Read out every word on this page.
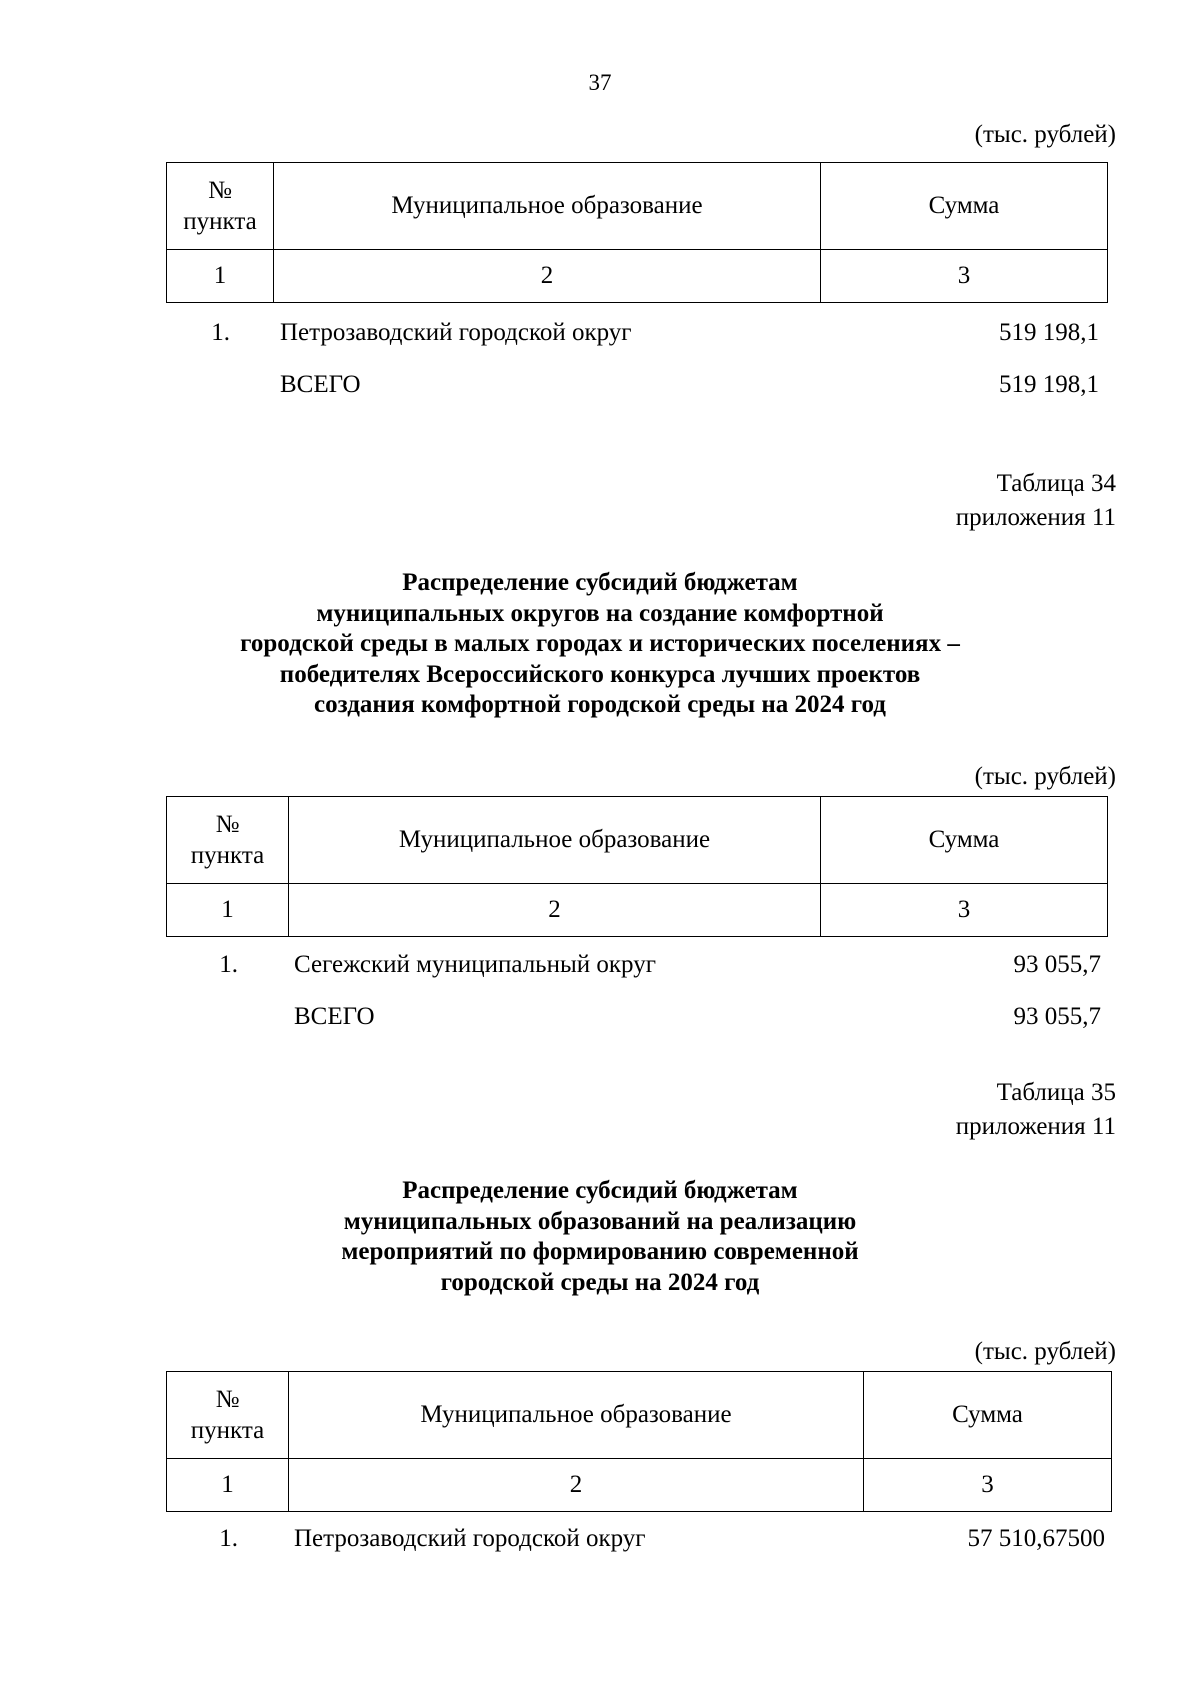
37
(тыс. рублей)
№
пункта	Муниципальное образование	Сумма
1	2	3
1. Петрозаводский городской округ	519 198,1
ВСЕГО	519 198,1
Таблица 34
приложения 11
Распределение субсидий бюджетам
муниципальных округов на создание комфортной
городской среды в малых городах и исторических поселениях –
победителях Всероссийского конкурса лучших проектов
создания комфортной городской среды на 2024 год
(тыс. рублей)
№
пункта	Муниципальное образование	Сумма
1	2	3
1. Сегежский муниципальный округ	93 055,7
ВСЕГО	93 055,7
Таблица 35
приложения 11
Распределение субсидий бюджетам
муниципальных образований на реализацию
мероприятий по формированию современной
городской среды на 2024 год
(тыс. рублей)
№
пункта	Муниципальное образование	Сумма
1	2	3
1. Петрозаводский городской округ	57 510,67500
